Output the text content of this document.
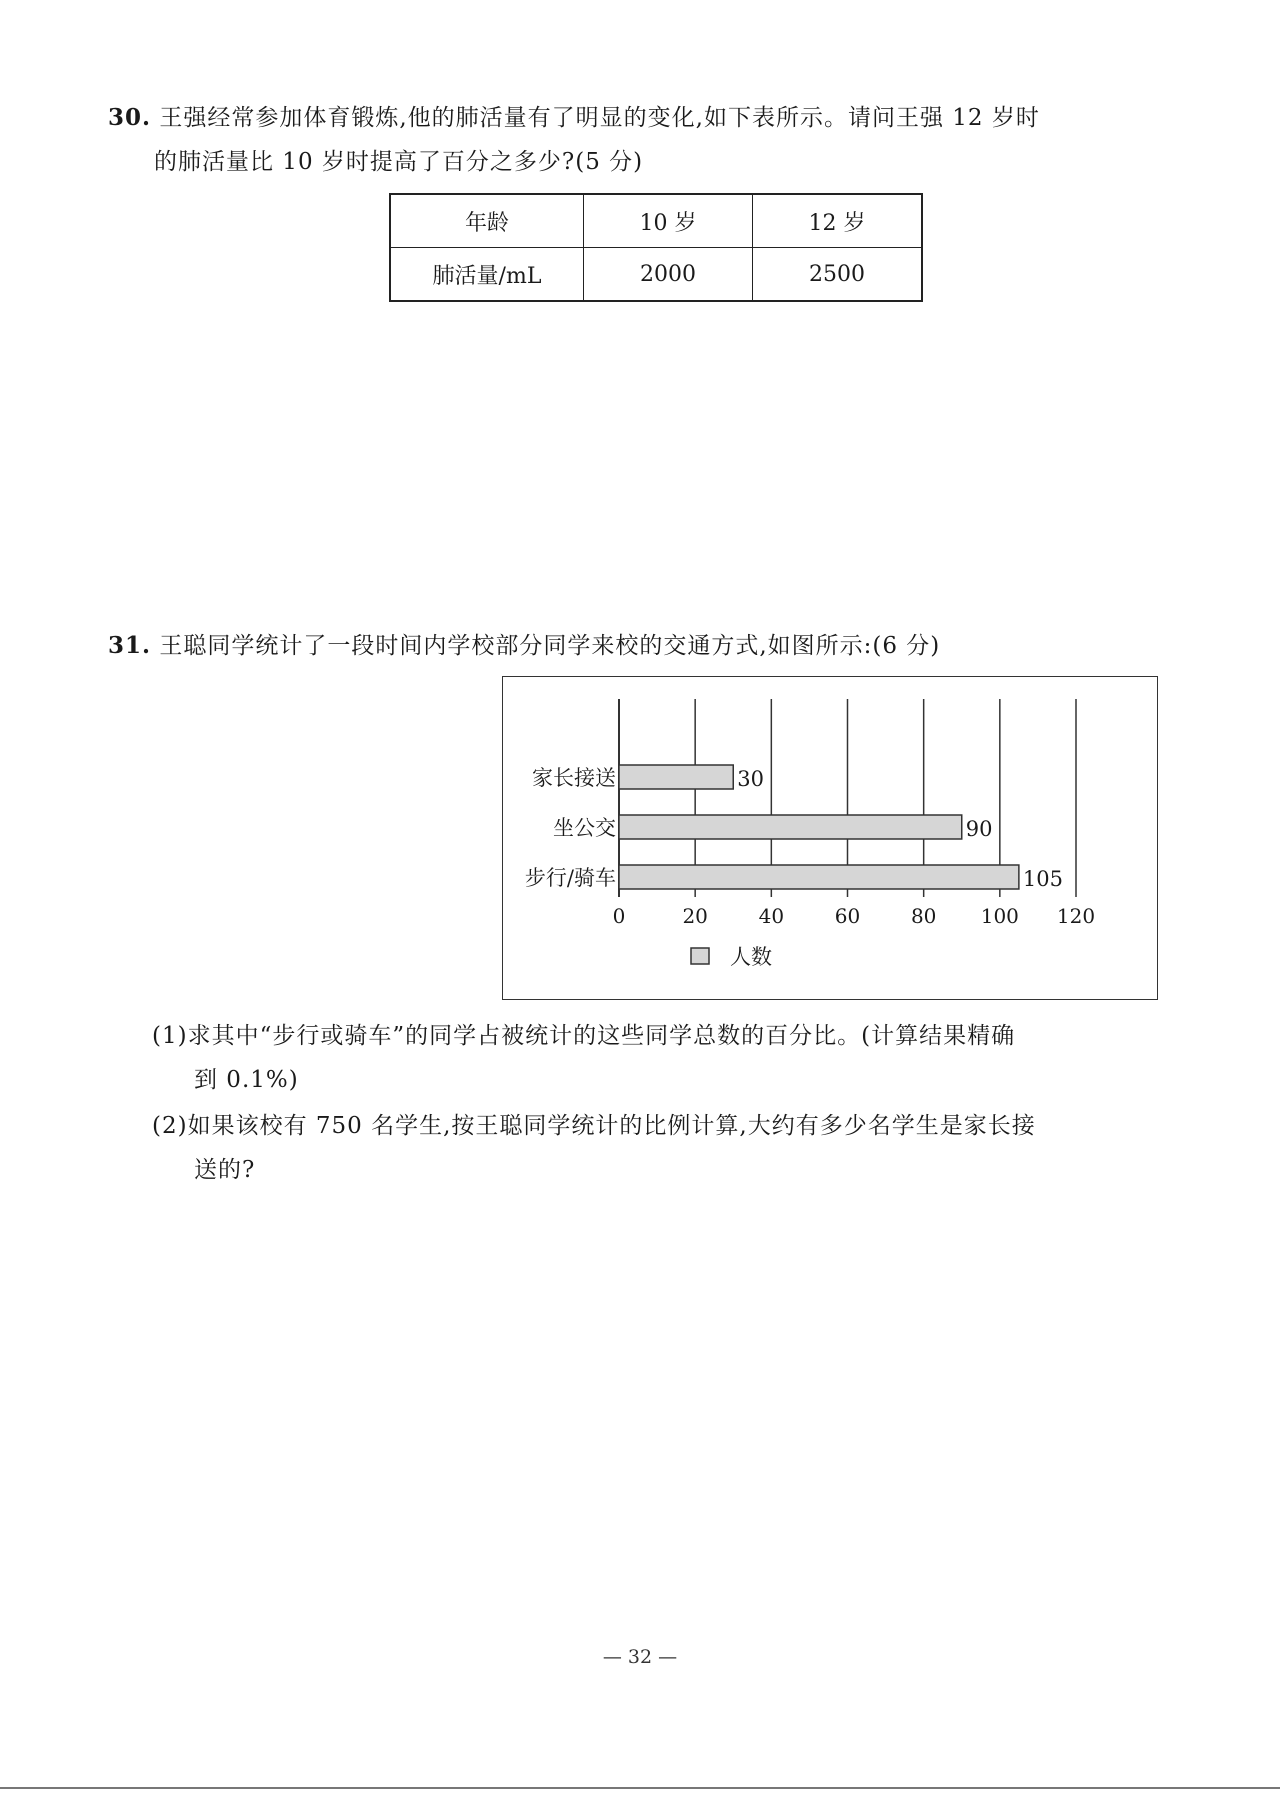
30. 王强经常参加体育锻炼,他的肺活量有了明显的变化,如下表所示。请问王强 12 岁时
的肺活量比 10 岁时提高了百分之多少?(5 分)

年龄	10 岁	12 岁
肺活量/mL	2000	2500

31. 王聪同学统计了一段时间内学校部分同学来校的交通方式,如图所示:(6 分)

0	20	40	60	80 100 120
家长接送	30
坐公交	90
步行/骑车	105
人数

(1)求其中“步行或骑车”的同学占被统计的这些同学总数的百分比。(计算结果精确
到 0.1%)

(2)如果该校有 750 名学生,按王聪同学统计的比例计算,大约有多少名学生是家长接
送的?

— 32 —
